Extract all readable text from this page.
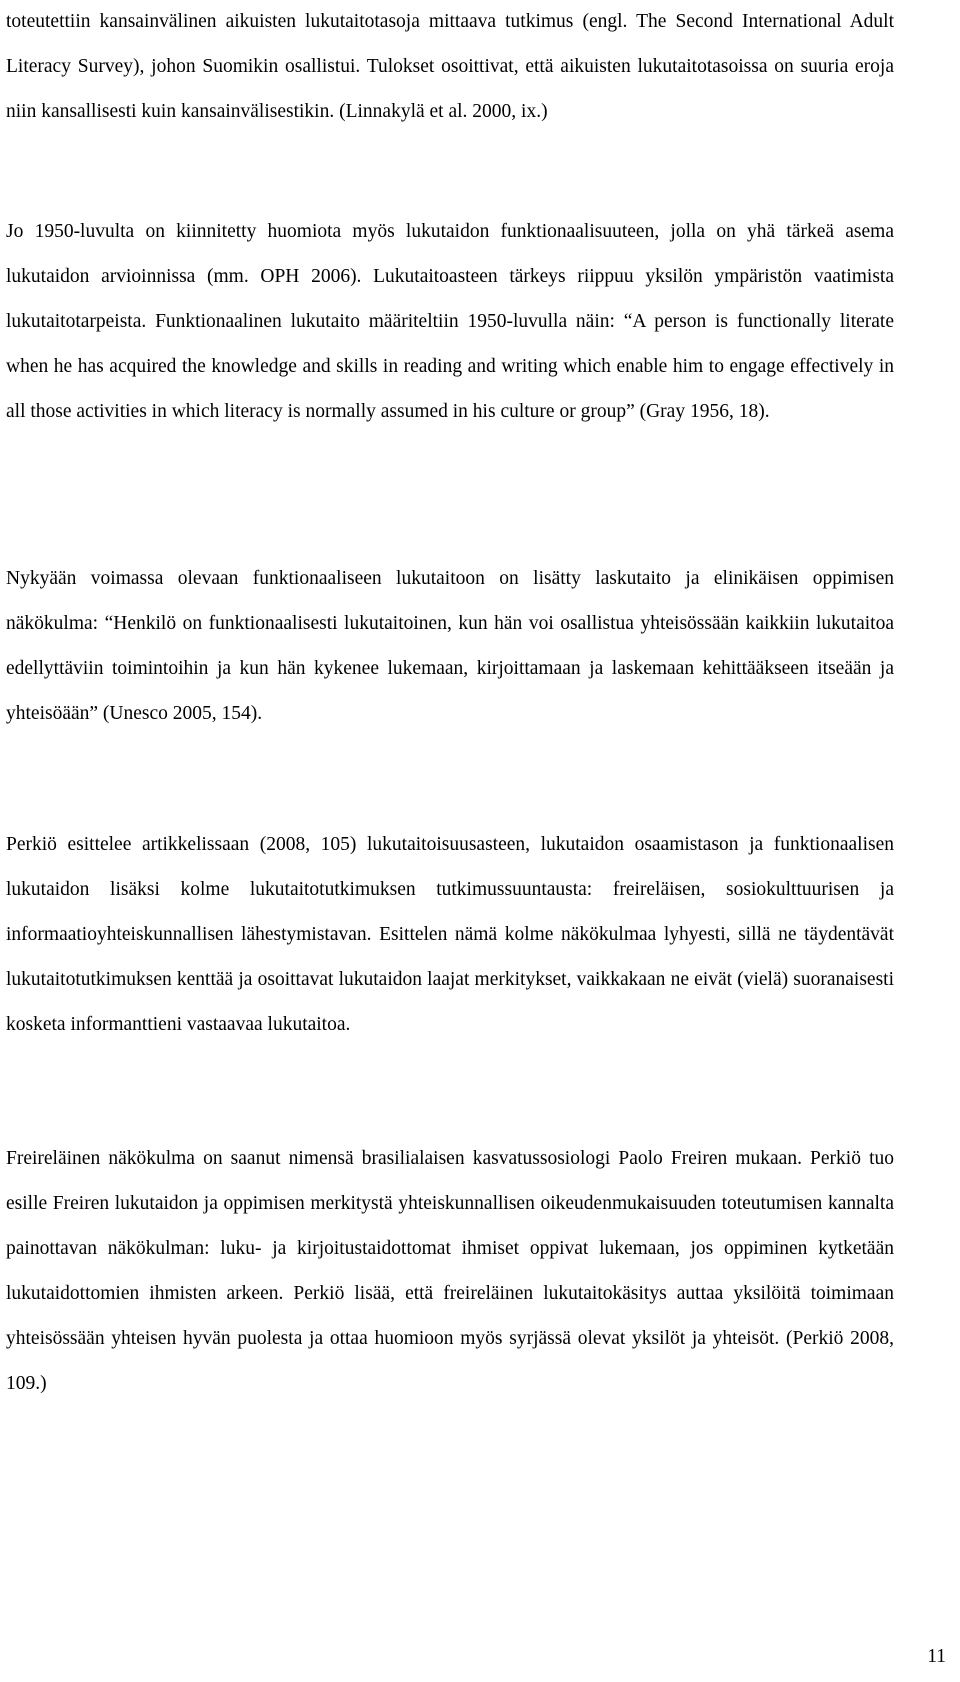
toteutettiin kansainvälinen aikuisten lukutaitotasoja mittaava tutkimus (engl. The Second International Adult Literacy Survey), johon Suomikin osallistui. Tulokset osoittivat, että aikuisten lukutaitotasoissa on suuria eroja niin kansallisesti kuin kansainvälisestikin. (Linnakylä et al. 2000, ix.)

Jo 1950-luvulta on kiinnitetty huomiota myös lukutaidon funktionaalisuuteen, jolla on yhä tärkeä asema lukutaidon arvioinnissa (mm. OPH 2006). Lukutaitoasteen tärkeys riippuu yksilön ympäristön vaatimista lukutaitotarpeista. Funktionaalinen lukutaito määriteltiin 1950-luvulla näin: “A person is functionally literate when he has acquired the knowledge and skills in reading and writing which enable him to engage effectively in all those activities in which literacy is normally assumed in his culture or group” (Gray 1956, 18).

Nykyään voimassa olevaan funktionaaliseen lukutaitoon on lisätty laskutaito ja elinikäisen oppimisen näkökulma: “Henkilö on funktionaalisesti lukutaitoinen, kun hän voi osallistua yhteisössään kaikkiin lukutaitoa edellyttäviin toimintoihin ja kun hän kykenee lukemaan, kirjoittamaan ja laskemaan kehittääkseen itseään ja yhteisöään” (Unesco 2005, 154).

Perkiö esittelee artikkelissaan (2008, 105) lukutaitoisuusasteen, lukutaidon osaamistason ja funktionaalisen lukutaidon lisäksi kolme lukutaitotutkimuksen tutkimussuuntausta: freireläisen, sosiokulttuurisen ja informaatioyhteiskunnallisen lähestymistavan. Esittelen nämä kolme näkökulmaa lyhyesti, sillä ne täydentävät lukutaitotutkimuksen kenttää ja osoittavat lukutaidon laajat merkitykset, vaikkakaan ne eivät (vielä) suoranaisesti kosketa informanttieni vastaavaa lukutaitoa.

Freireläinen näkökulma on saanut nimensä brasilialaisen kasvatussosiologi Paolo Freiren mukaan. Perkiö tuo esille Freiren lukutaidon ja oppimisen merkitystä yhteiskunnallisen oikeudenmukaisuuden toteutumisen kannalta painottavan näkökulman: luku- ja kirjoitustaidottomat ihmiset oppivat lukemaan, jos oppiminen kytketään lukutaidottomien ihmisten arkeen. Perkiö lisää, että freireläinen lukutaitokäsitys auttaa yksilöitä toimimaan yhteisössään yhteisen hyvän puolesta ja ottaa huomioon myös syrjässä olevat yksilöt ja yhteisöt. (Perkiö 2008, 109.)

11
